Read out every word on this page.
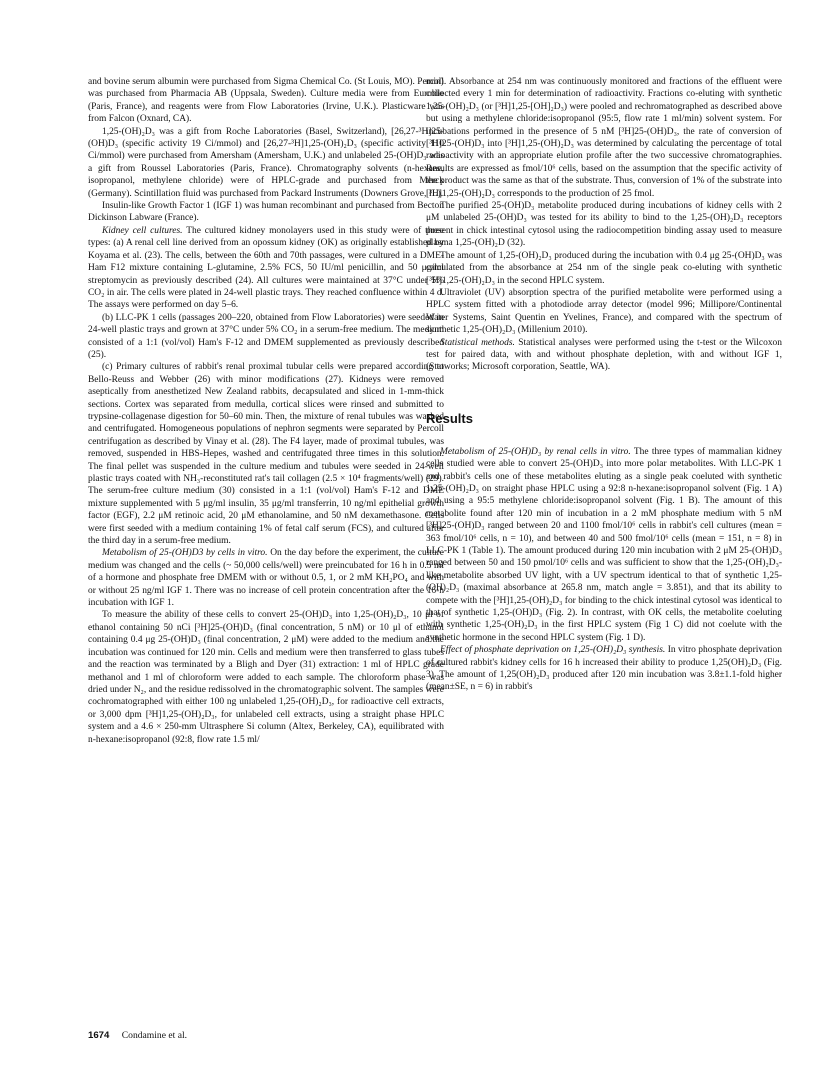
and bovine serum albumin were purchased from Sigma Chemical Co. (St Louis, MO). Percoll was purchased from Pharmacia AB (Uppsala, Sweden). Culture media were from Eurobio (Paris, France), and reagents were from Flow Laboratories (Irvine, U.K.). Plasticware was from Falcon (Oxnard, CA).

1,25-(OH)₂D₃ was a gift from Roche Laboratories (Basel, Switzerland), [26,27-³H]25-(OH)D₃ (specific activity 19 Ci/mmol) and [26,27-³H]1,25-(OH)₂D₃ (specific activity 110 Ci/mmol) were purchased from Amersham (Amersham, U.K.) and unlabeled 25-(OH)D₃ was a gift from Roussel Laboratories (Paris, France). Chromatography solvents (n-hexane, isopropanol, methylene chloride) were of HPLC-grade and purchased from Merck (Germany). Scintillation fluid was purchased from Packard Instruments (Downers Grove, IL).

Insulin-like Growth Factor 1 (IGF 1) was human recombinant and purchased from Becton Dickinson Labware (France).

Kidney cell cultures. The cultured kidney monolayers used in this study were of three types: (a) A renal cell line derived from an opossum kidney (OK) as originally established by Koyama et al. (23). The cells, between the 60th and 70th passages, were cultured in a DME-Ham F12 mixture containing L-glutamine, 2.5% FCS, 50 IU/ml penicillin, and 50 μg/ml streptomycin as previously described (24). All cultures were maintained at 37°C under 5% CO₂ in air. The cells were plated in 24-well plastic trays. They reached confluence within 4 d. The assays were performed on day 5–6.

(b) LLC-PK 1 cells (passages 200–220, obtained from Flow Laboratories) were seeded in 24-well plastic trays and grown at 37°C under 5% CO₂ in a serum-free medium. The medium consisted of a 1:1 (vol/vol) Ham's F-12 and DMEM supplemented as previously described (25).

(c) Primary cultures of rabbit's renal proximal tubular cells were prepared according to Bello-Reuss and Webber (26) with minor modifications (27). Kidneys were removed aseptically from anesthetized New Zealand rabbits, decapsulated and sliced in 1-mm-thick sections. Cortex was separated from medulla, cortical slices were rinsed and submitted to trypsine-collagenase digestion for 50–60 min. Then, the mixture of renal tubules was washed and centrifugated. Homogeneous populations of nephron segments were separated by Percoll centrifugation as described by Vinay et al. (28). The F4 layer, made of proximal tubules, was removed, suspended in HBS-Hepes, washed and centrifugated three times in this solution. The final pellet was suspended in the culture medium and tubules were seeded in 24-well plastic trays coated with NH₃-reconstituted rat's tail collagen (2.5 × 10⁴ fragments/well) (29). The serum-free culture medium (30) consisted in a 1:1 (vol/vol) Ham's F-12 and DME mixture supplemented with 5 μg/ml insulin, 35 μg/ml transferrin, 10 ng/ml epithelial growth factor (EGF), 2.2 μM retinoic acid, 20 μM ethanolamine, and 50 nM dexamethasone. Cells were first seeded with a medium containing 1% of fetal calf serum (FCS), and cultured after the third day in a serum-free medium.

Metabolism of 25-(OH)D3 by cells in vitro. On the day before the experiment, the culture medium was changed and the cells (~ 50,000 cells/well) were preincubated for 16 h in 0.5 ml of a hormone and phosphate free DMEM with or without 0.5, 1, or 2 mM KH₂PO₄ and with or without 25 ng/ml IGF 1. There was no increase of cell protein concentration after the 16-h incubation with IGF 1.

To measure the ability of these cells to convert 25-(OH)D₃ into 1,25-(OH)₂D₃, 10 μl of ethanol containing 50 nCi [³H]25-(OH)D₃ (final concentration, 5 nM) or 10 μl of ethanol containing 0.4 μg 25-(OH)D₃ (final concentration, 2 μM) were added to the medium and the incubation was continued for 120 min. Cells and medium were then transferred to glass tubes and the reaction was terminated by a Bligh and Dyer (31) extraction: 1 ml of HPLC grade methanol and 1 ml of chloroform were added to each sample. The chloroform phase was dried under N₂, and the residue redissolved in the chromatographic solvent. The samples were cochromatographed with either 100 ng unlabeled 1,25-(OH)₂D₃, for radioactive cell extracts, or 3,000 dpm [³H]1,25-(OH)₂D₃, for unlabeled cell extracts, using a straight phase HPLC system and a 4.6 × 250-mm Ultrasphere Si column (Altex, Berkeley, CA), equilibrated with n-hexane:isopropanol (92:8, flow rate 1.5 ml/

min). Absorbance at 254 nm was continuously monitored and fractions of the effluent were collected every 1 min for determination of radioactivity. Fractions co-eluting with synthetic 1,25-(OH)₂D₃ (or [³H]1,25-[OH]₂D₃) were pooled and rechromatographed as described above but using a methylene chloride:isopropanol (95:5, flow rate 1 ml/min) solvent system. For incubations performed in the presence of 5 nM [³H]25-(OH)D₃, the rate of conversion of [³H]25-(OH)D₃ into [³H]1,25-(OH)₂D₃ was determined by calculating the percentage of total radioactivity with an appropriate elution profile after the two successive chromatographies. Results are expressed as fmol/10⁶ cells, based on the assumption that the specific activity of the product was the same as that of the substrate. Thus, conversion of 1% of the substrate into [³H]1,25-(OH)₂D₃ corresponds to the production of 25 fmol.

The purified 25-(OH)D₃ metabolite produced during incubations of kidney cells with 2 μM unlabeled 25-(OH)D₃ was tested for its ability to bind to the 1,25-(OH)₂D₃ receptors present in chick intestinal cytosol using the radiocompetition binding assay used to measure plasma 1,25-(OH)₂D (32).

The amount of 1,25-(OH)₂D₃ produced during the incubation with 0.4 μg 25-(OH)D₃ was calculated from the absorbance at 254 nm of the single peak co-eluting with synthetic [³H]1,25-(OH)₂D₃ in the second HPLC system.

Ultraviolet (UV) absorption spectra of the purified metabolite were performed using a HPLC system fitted with a photodiode array detector (model 996; Millipore/Continental Water Systems, Saint Quentin en Yvelines, France), and compared with the spectrum of synthetic 1,25-(OH)₂D₃ (Millenium 2010).

Statistical methods. Statistical analyses were performed using the t-test or the Wilcoxon test for paired data, with and without phosphate depletion, with and without IGF 1, (Statworks; Microsoft corporation, Seattle, WA).

Results

Metabolism of 25-(OH)D₃ by renal cells in vitro. The three types of mammalian kidney cells studied were able to convert 25-(OH)D₃ into more polar metabolites. With LLC-PK 1 and rabbit's cells one of these metabolites eluting as a single peak coeluted with synthetic 1,25-(OH)₂D₃ on straight phase HPLC using a 92:8 n-hexane:isopropanol solvent (Fig. 1 A) and using a 95:5 methylene chloride:isopropanol solvent (Fig. 1 B). The amount of this metabolite found after 120 min of incubation in a 2 mM phosphate medium with 5 nM [³H]25-(OH)D₃ ranged between 20 and 1100 fmol/10⁶ cells in rabbit's cell cultures (mean = 363 fmol/10⁶ cells, n = 10), and between 40 and 500 fmol/10⁶ cells (mean = 151, n = 8) in LLC-PK 1 (Table 1). The amount produced during 120 min incubation with 2 μM 25-(OH)D₃ ranged between 50 and 150 pmol/10⁶ cells and was sufficient to show that the 1,25-(OH)₂D₃-like metabolite absorbed UV light, with a UV spectrum identical to that of synthetic 1,25-(OH)₂D₃ (maximal absorbance at 265.8 nm, match angle = 3.851), and that its ability to compete with the [³H]1,25-(OH)₂D₃ for binding to the chick intestinal cytosol was identical to that of synthetic 1,25-(OH)D₃ (Fig. 2). In contrast, with OK cells, the metabolite coeluting with synthetic 1,25-(OH)₂D₃ in the first HPLC system (Fig 1 C) did not coelute with the synthetic hormone in the second HPLC system (Fig. 1 D).

Effect of phosphate deprivation on 1,25-(OH)₂D₃ synthesis. In vitro phosphate deprivation of cultured rabbit's kidney cells for 16 h increased their ability to produce 1,25(OH)₂D₃ (Fig. 3). The amount of 1,25(OH)₂D₃ produced after 120 min incubation was 3.8±1.1-fold higher (mean±SE, n = 6) in rabbit's

1674 Condamine et al.
